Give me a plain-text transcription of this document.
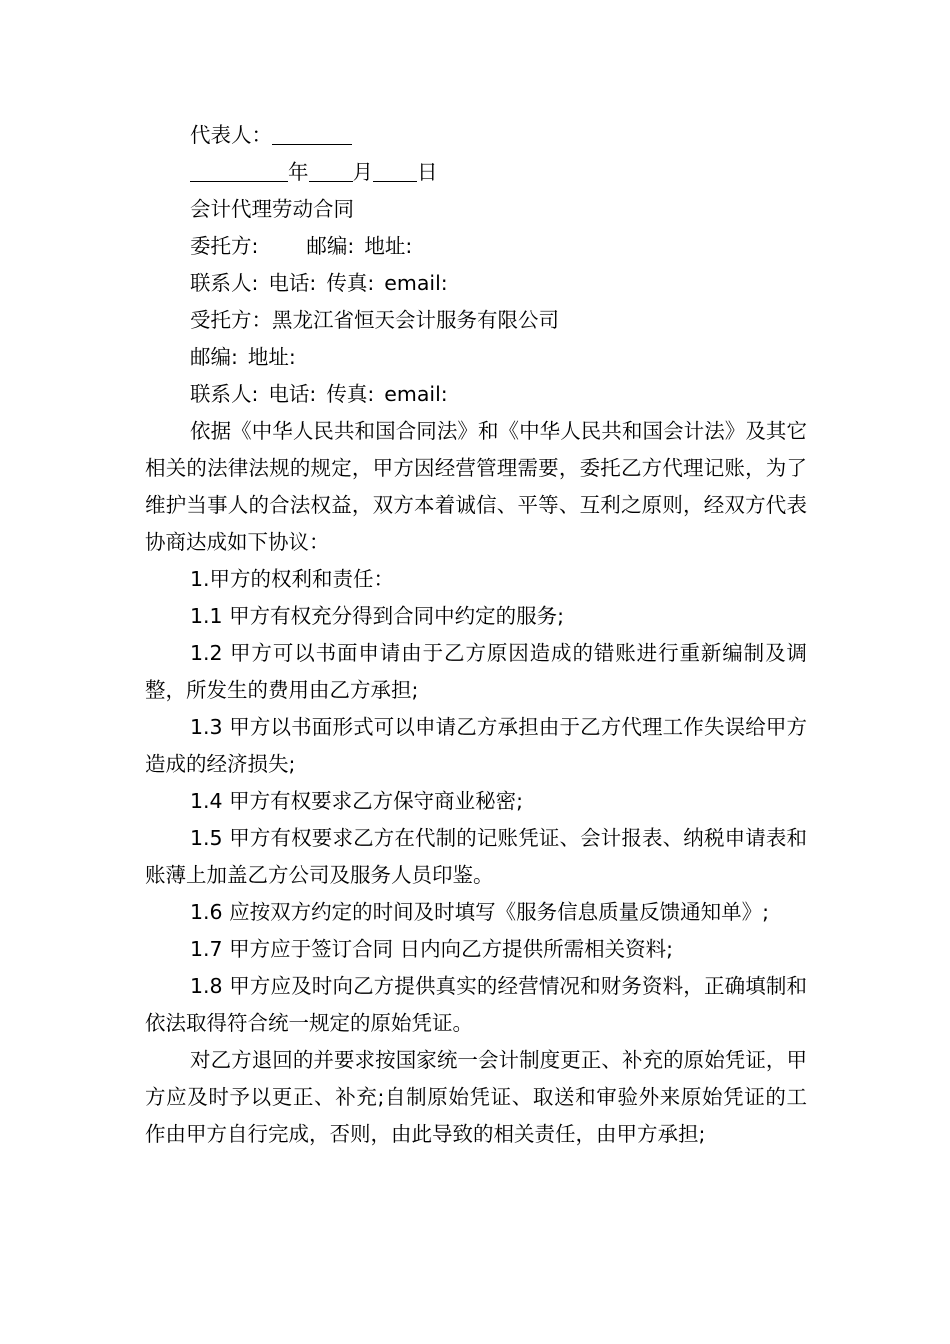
代表人：

年 月 日

会计代理劳动合同

委托方: 邮编: 地址:

联系人: 电话: 传真: email:

受托方：黑龙江省恒天会计服务有限公司

邮编: 地址:

联系人: 电话: 传真: email:

依据《中华人民共和国合同法》和《中华人民共和国会计法》及其它相关的法律法规的规定，甲方因经营管理需要，委托乙方代理记账，为了维护当事人的合法权益，双方本着诚信、平等、互利之原则，经双方代表协商达成如下协议：

1.甲方的权利和责任：

1.1 甲方有权充分得到合同中约定的服务;

1.2 甲方可以书面申请由于乙方原因造成的错账进行重新编制及调整，所发生的费用由乙方承担;

1.3 甲方以书面形式可以申请乙方承担由于乙方代理工作失误给甲方造成的经济损失;

1.4 甲方有权要求乙方保守商业秘密;

1.5 甲方有权要求乙方在代制的记账凭证、会计报表、纳税申请表和账薄上加盖乙方公司及服务人员印鉴。

1.6 应按双方约定的时间及时填写《服务信息质量反馈通知单》;

1.7 甲方应于签订合同 日内向乙方提供所需相关资料;

1.8 甲方应及时向乙方提供真实的经营情况和财务资料，正确填制和依法取得符合统一规定的原始凭证。

对乙方退回的并要求按国家统一会计制度更正、补充的原始凭证，甲方应及时予以更正、补充;自制原始凭证、取送和审验外来原始凭证的工作由甲方自行完成，否则，由此导致的相关责任，由甲方承担;
